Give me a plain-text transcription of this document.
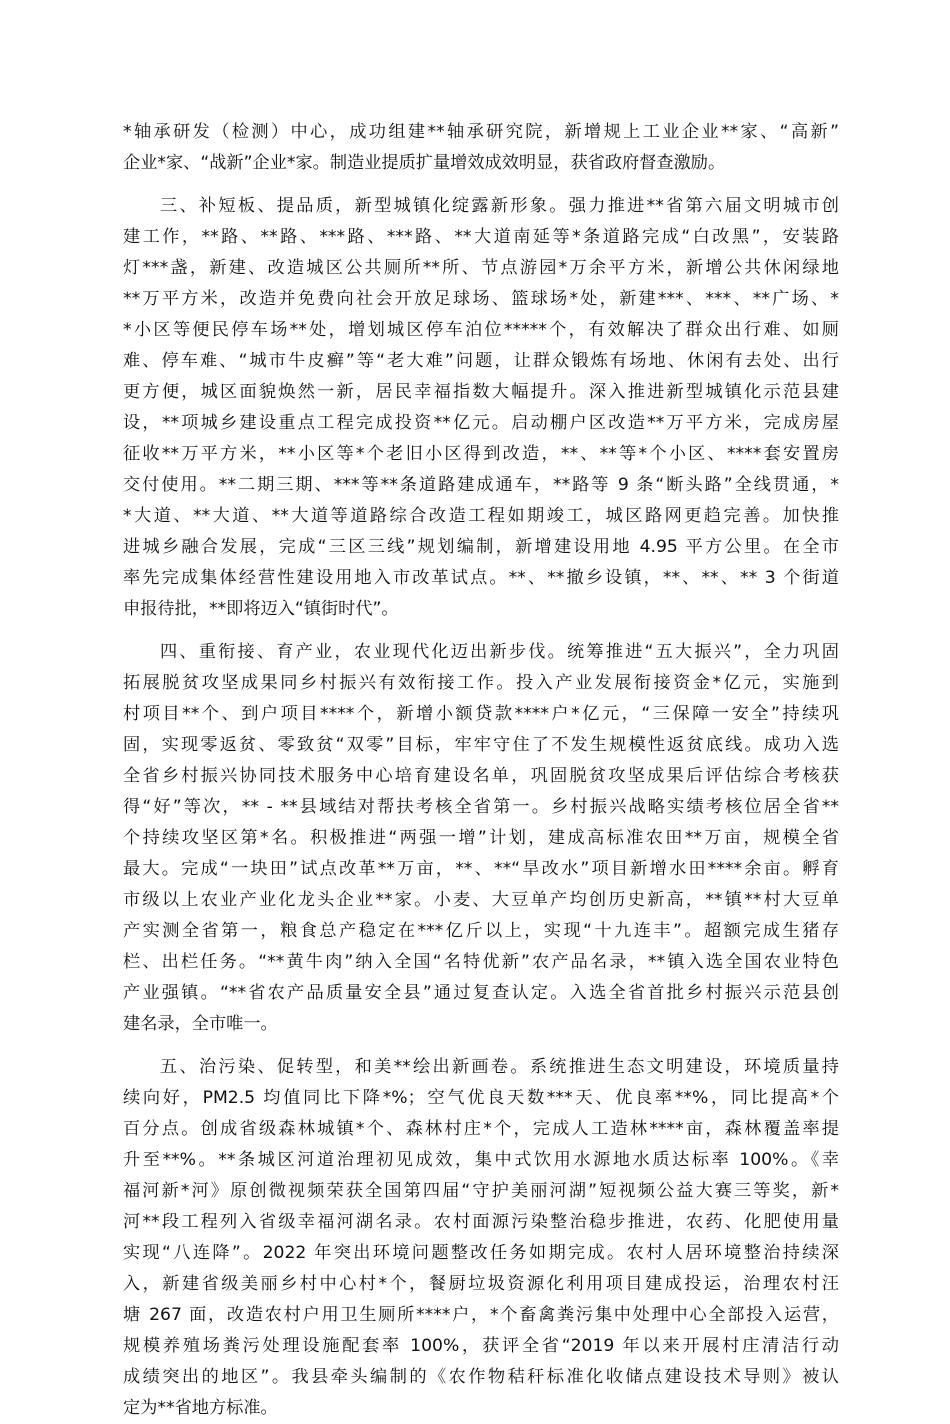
*轴承研发（检测）中心，成功组建**轴承研究院，新增规上工业企业**家、“高新”
企业*家、“战新”企业*家。制造业提质扩量增效成效明显，获省政府督查激励。
三、补短板、提品质，新型城镇化绽露新形象。强力推进**省第六届文明城市创
建工作，**路、**路、***路、***路、**大道南延等*条道路完成“白改黑”，安装路
灯***盏，新建、改造城区公共厕所**所、节点游园*万余平方米，新增公共休闲绿地
**万平方米，改造并免费向社会开放足球场、篮球场*处，新建***、***、**广场、*
*小区等便民停车场**处，增划城区停车泊位*****个，有效解决了群众出行难、如厕
难、停车难、“城市牛皮癣”等“老大难”问题，让群众锻炼有场地、休闲有去处、出行
更方便，城区面貌焕然一新，居民幸福指数大幅提升。深入推进新型城镇化示范县建
设，**项城乡建设重点工程完成投资**亿元。启动棚户区改造**万平方米，完成房屋
征收**万平方米，**小区等*个老旧小区得到改造，**、**等*个小区、****套安置房
交付使用。**二期三期、***等**条道路建成通车，**路等 9 条“断头路”全线贯通，*
*大道、**大道、**大道等道路综合改造工程如期竣工，城区路网更趋完善。加快推
进城乡融合发展，完成“三区三线”规划编制，新增建设用地 4.95 平方公里。在全市
率先完成集体经营性建设用地入市改革试点。**、**撤乡设镇，**、**、** 3 个街道
申报待批，**即将迈入“镇街时代”。
四、重衔接、育产业，农业现代化迈出新步伐。统筹推进“五大振兴”，全力巩固
拓展脱贫攻坚成果同乡村振兴有效衔接工作。投入产业发展衔接资金*亿元，实施到
村项目**个、到户项目****个，新增小额贷款****户*亿元，“三保障一安全”持续巩
固，实现零返贫、零致贫“双零”目标，牢牢守住了不发生规模性返贫底线。成功入选
全省乡村振兴协同技术服务中心培育建设名单，巩固脱贫攻坚成果后评估综合考核获
得“好”等次，** - **县域结对帮扶考核全省第一。乡村振兴战略实绩考核位居全省**
个持续攻坚区第*名。积极推进“两强一增”计划，建成高标准农田**万亩，规模全省
最大。完成“一块田”试点改革**万亩，**、**“旱改水”项目新增水田****余亩。孵育
市级以上农业产业化龙头企业**家。小麦、大豆单产均创历史新高，**镇**村大豆单
产实测全省第一，粮食总产稳定在***亿斤以上，实现“十九连丰”。超额完成生猪存
栏、出栏任务。“**黄牛肉”纳入全国“名特优新”农产品名录，**镇入选全国农业特色
产业强镇。“**省农产品质量安全县”通过复查认定。入选全省首批乡村振兴示范县创
建名录，全市唯一。
五、治污染、促转型，和美**绘出新画卷。系统推进生态文明建设，环境质量持
续向好，PM2.5 均值同比下降*%；空气优良天数***天、优良率**%，同比提高*个
百分点。创成省级森林城镇*个、森林村庄*个，完成人工造林****亩，森林覆盖率提
升至**%。**条城区河道治理初见成效，集中式饮用水源地水质达标率 100%。《幸
福河新*河》原创微视频荣获全国第四届“守护美丽河湖”短视频公益大赛三等奖，新*
河**段工程列入省级幸福河湖名录。农村面源污染整治稳步推进，农药、化肥使用量
实现“八连降”。2022 年突出环境问题整改任务如期完成。农村人居环境整治持续深
入，新建省级美丽乡村中心村*个，餐厨垃圾资源化利用项目建成投运，治理农村汪
塘 267 面，改造农村户用卫生厕所****户，*个畜禽粪污集中处理中心全部投入运营，
规模养殖场粪污处理设施配套率 100%，获评全省“2019 年以来开展村庄清洁行动
成绩突出的地区”。我县牵头编制的《农作物秸秆标准化收储点建设技术导则》被认
定为**省地方标准。
